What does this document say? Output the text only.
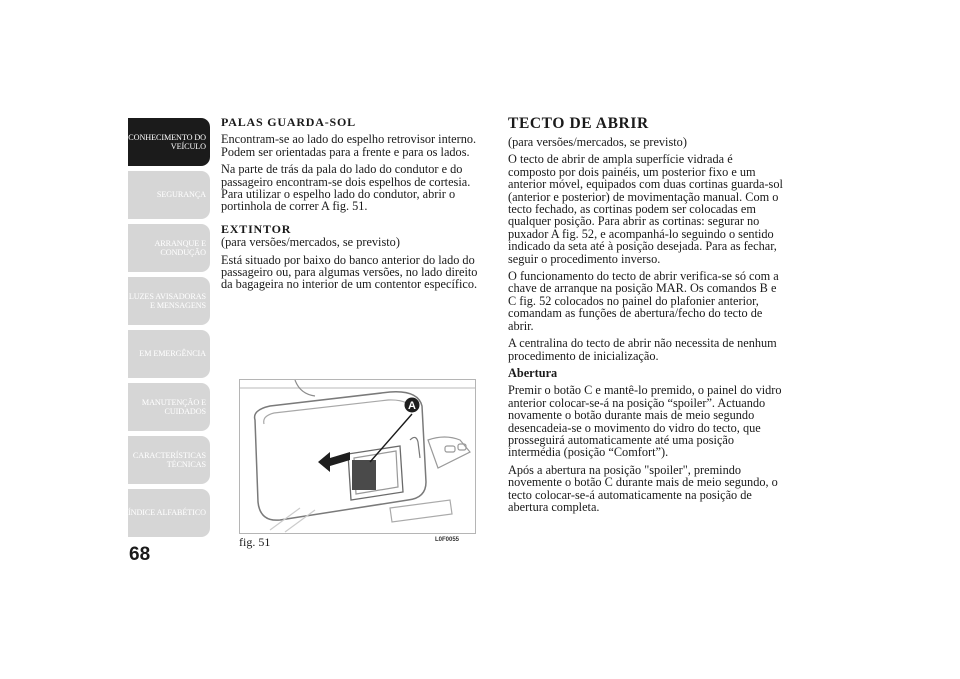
CONHECIMENTO DO VEÍCULO
SEGURANÇA
ARRANQUE E CONDUÇÃO
LUZES AVISADORAS E MENSAGENS
EM EMERGÊNCIA
MANUTENÇÃO E CUIDADOS
CARACTERÍSTICAS TÉCNICAS
ÍNDICE ALFABÉTICO
68

PALAS GUARDA-SOL

Encontram-se ao lado do espelho retrovisor interno. Podem ser orientadas para a frente e para os lados.

Na parte de trás da pala do lado do condutor e do passageiro encontram-se dois espelhos de cortesia. Para utilizar o espelho lado do condutor, abrir o portinhola de correr A fig. 51.

EXTINTOR

(para versões/mercados, se previsto)

Está situado por baixo do banco anterior do lado do passageiro ou, para algumas versões, no lado direito da bagageira no interior de um contentor específico.

A
fig. 51	L0F0055

TECTO DE ABRIR

(para versões/mercados, se previsto)

O tecto de abrir de ampla superfície vidrada é composto por dois painéis, um posterior fixo e um anterior móvel, equipados com duas cortinas guarda-sol (anterior e posterior) de movimentação manual. Com o tecto fechado, as cortinas podem ser colocadas em qualquer posição. Para abrir as cortinas: segurar no puxador A fig. 52, e acompanhá-lo seguindo o sentido indicado da seta até à posição desejada. Para as fechar, seguir o procedimento inverso.

O funcionamento do tecto de abrir verifica-se só com a chave de arranque na posição MAR. Os comandos B e C fig. 52 colocados no painel do plafonier anterior, comandam as funções de abertura/fecho do tecto de abrir.

A centralina do tecto de abrir não necessita de nenhum procedimento de inicialização.

Abertura

Premir o botão C e mantê-lo premido, o painel do vidro anterior colocar-se-á na posição “spoiler”. Actuando novamente o botão durante mais de meio segundo desencadeia-se o movimento do vidro do tecto, que prosseguirá automaticamente até uma posição intermédia (posição “Comfort”).

Após a abertura na posição "spoiler", premindo novemente o botão C durante mais de meio segundo, o tecto colocar-se-á automaticamente na posição de abertura completa.
